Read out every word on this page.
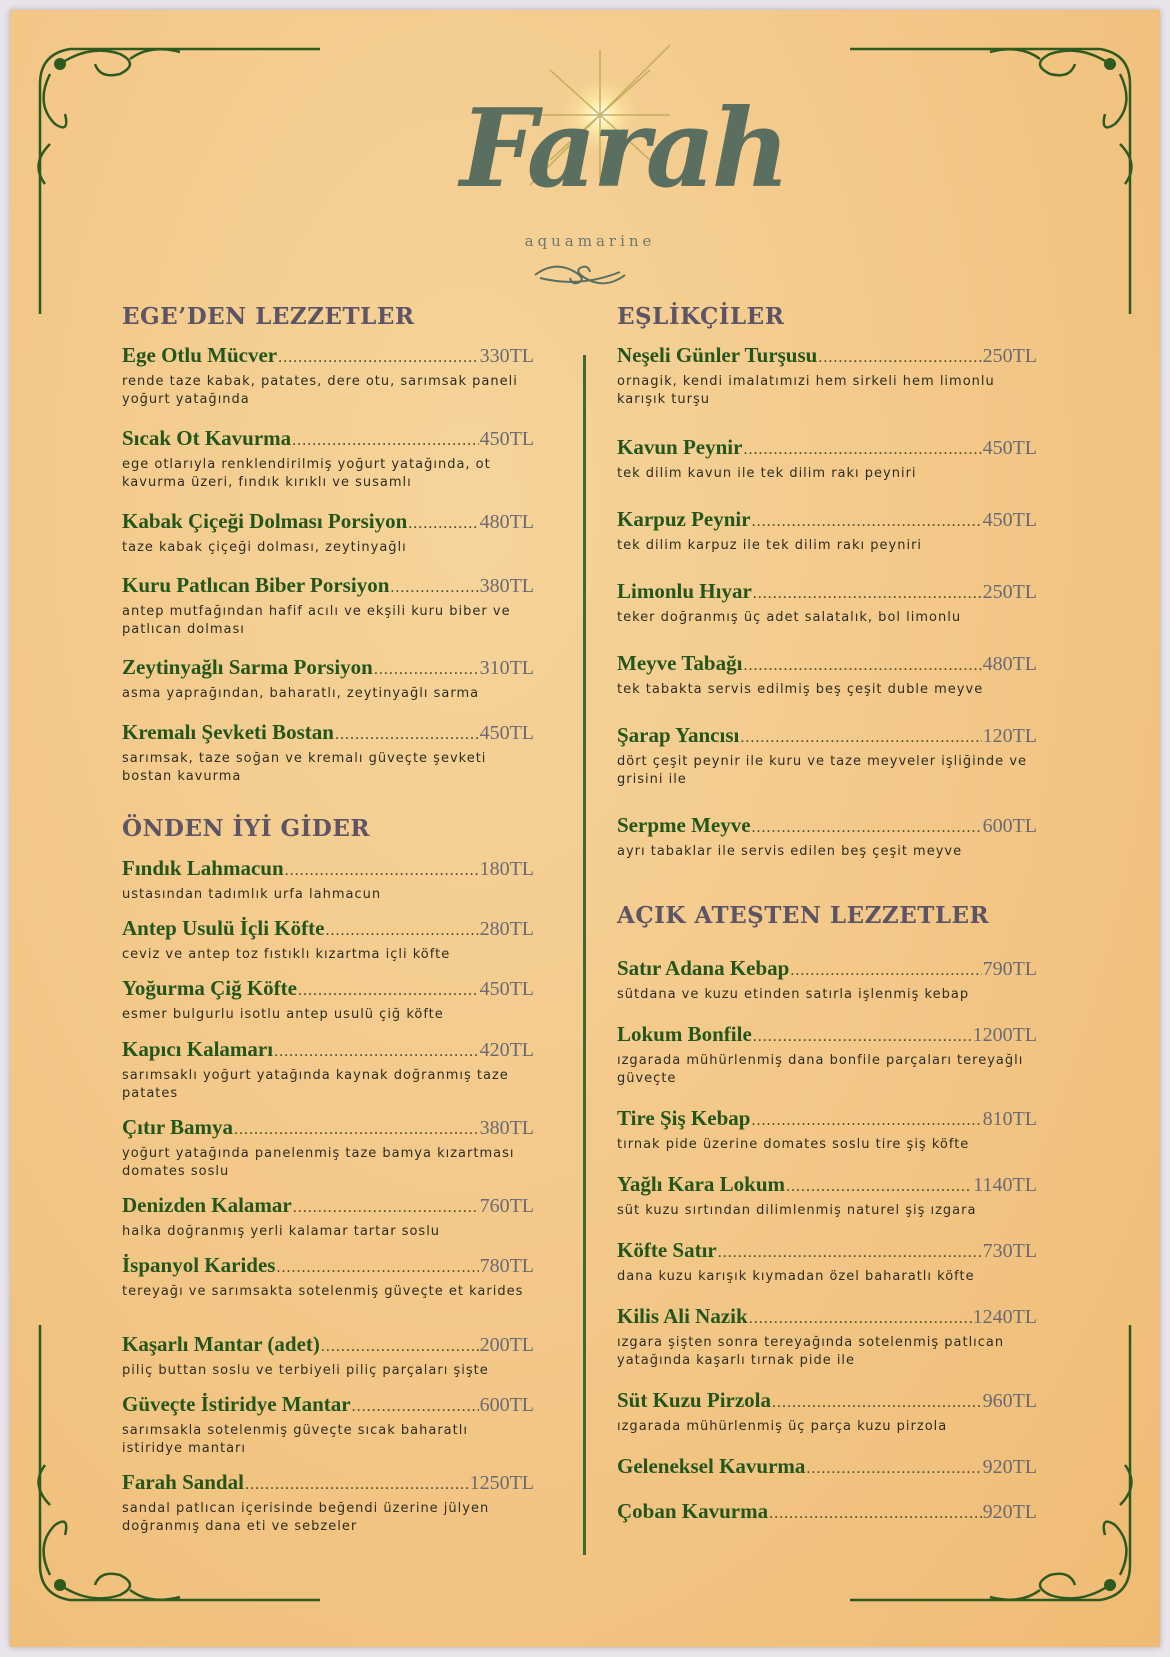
Farah
aquamarine
EGE’DEN LEZZETLER
Ege Otlu Mücver .....	330TL
rende taze kabak, patates, dere otu, sarımsak paneli yoğurt yatağında
Sıcak Ot Kavurma .....	450TL
ege otlarıyla renklendirilmiş yoğurt yatağında, ot kavurma üzeri, fındık kırıklı ve susamlı
Kabak Çiçeği Dolması Porsiyon .....	480TL
taze kabak çiçeği dolması, zeytinyağlı
Kuru Patlıcan Biber Porsiyon .....	380TL
antep mutfağından hafif acılı ve ekşili kuru biber ve patlıcan dolması
Zeytinyağlı Sarma Porsiyon .....	310TL
asma yaprağından, baharatlı, zeytinyağlı sarma
Kremalı Şevketi Bostan .....	450TL
sarımsak, taze soğan ve kremalı güveçte şevketi bostan kavurma
ÖNDEN İYİ GİDER
Fındık Lahmacun .....	180TL
ustasından tadımlık urfa lahmacun
Antep Usulü İçli Köfte .....	280TL
ceviz ve antep toz fıstıklı kızartma içli köfte
Yoğurma Çiğ Köfte .....	450TL
esmer bulgurlu isotlu antep usulü çiğ köfte
Kapıcı Kalamarı .....	420TL
sarımsaklı yoğurt yatağında kaynak doğranmış taze patates
Çıtır Bamya .....	380TL
yoğurt yatağında panelenmiş taze bamya kızartması domates soslu
Denizden Kalamar .....	760TL
halka doğranmış yerli kalamar tartar soslu
İspanyol Karides .....	780TL
tereyağı ve sarımsakta sotelenmiş güveçte et karides
Kaşarlı Mantar (adet) .....	200TL
piliç buttan soslu ve terbiyeli piliç parçaları şişte
Güveçte İstiridye Mantar .....	600TL
sarımsakla sotelenmiş güveçte sıcak baharatlı istiridye mantarı
Farah Sandal .....	1250TL
sandal patlıcan içerisinde beğendi üzerine jülyen doğranmış dana eti ve sebzeler
EŞLİKÇİLER
Neşeli Günler Turşusu .....	250TL
ornagik, kendi imalatımızi hem sirkeli hem limonlu karışık turşu
Kavun Peynir .....	450TL
tek dilim kavun ile tek dilim rakı peyniri
Karpuz Peynir .....	450TL
tek dilim karpuz ile tek dilim rakı peyniri
Limonlu Hıyar .....	250TL
teker doğranmış üç adet salatalık, bol limonlu
Meyve Tabağı .....	480TL
tek tabakta servis edilmiş beş çeşit duble meyve
Şarap Yancısı .....	120TL
dört çeşit peynir ile kuru ve taze meyveler işliğinde ve grisini ile
Serpme Meyve .....	600TL
ayrı tabaklar ile servis edilen beş çeşit meyve
AÇIK ATEŞTEN LEZZETLER
Satır Adana Kebap .....	790TL
sütdana ve kuzu etinden satırla işlenmiş kebap
Lokum Bonfile .....	1200TL
ızgarada mühürlenmiş dana bonfile parçaları tereyağlı güveçte
Tire Şiş Kebap .....	810TL
tırnak pide üzerine domates soslu tire şiş köfte
Yağlı Kara Lokum .....	1140TL
süt kuzu sırtından dilimlenmiş naturel şiş ızgara
Köfte Satır .....	730TL
dana kuzu karışık kıymadan özel baharatlı köfte
Kilis Ali Nazik .....	1240TL
ızgara şişten sonra tereyağında sotelenmiş patlıcan yatağında kaşarlı tırnak pide ile
Süt Kuzu Pirzola .....	960TL
ızgarada mühürlenmiş üç parça kuzu pirzola
Geleneksel Kavurma .....	920TL
Çoban Kavurma .....	920TL
